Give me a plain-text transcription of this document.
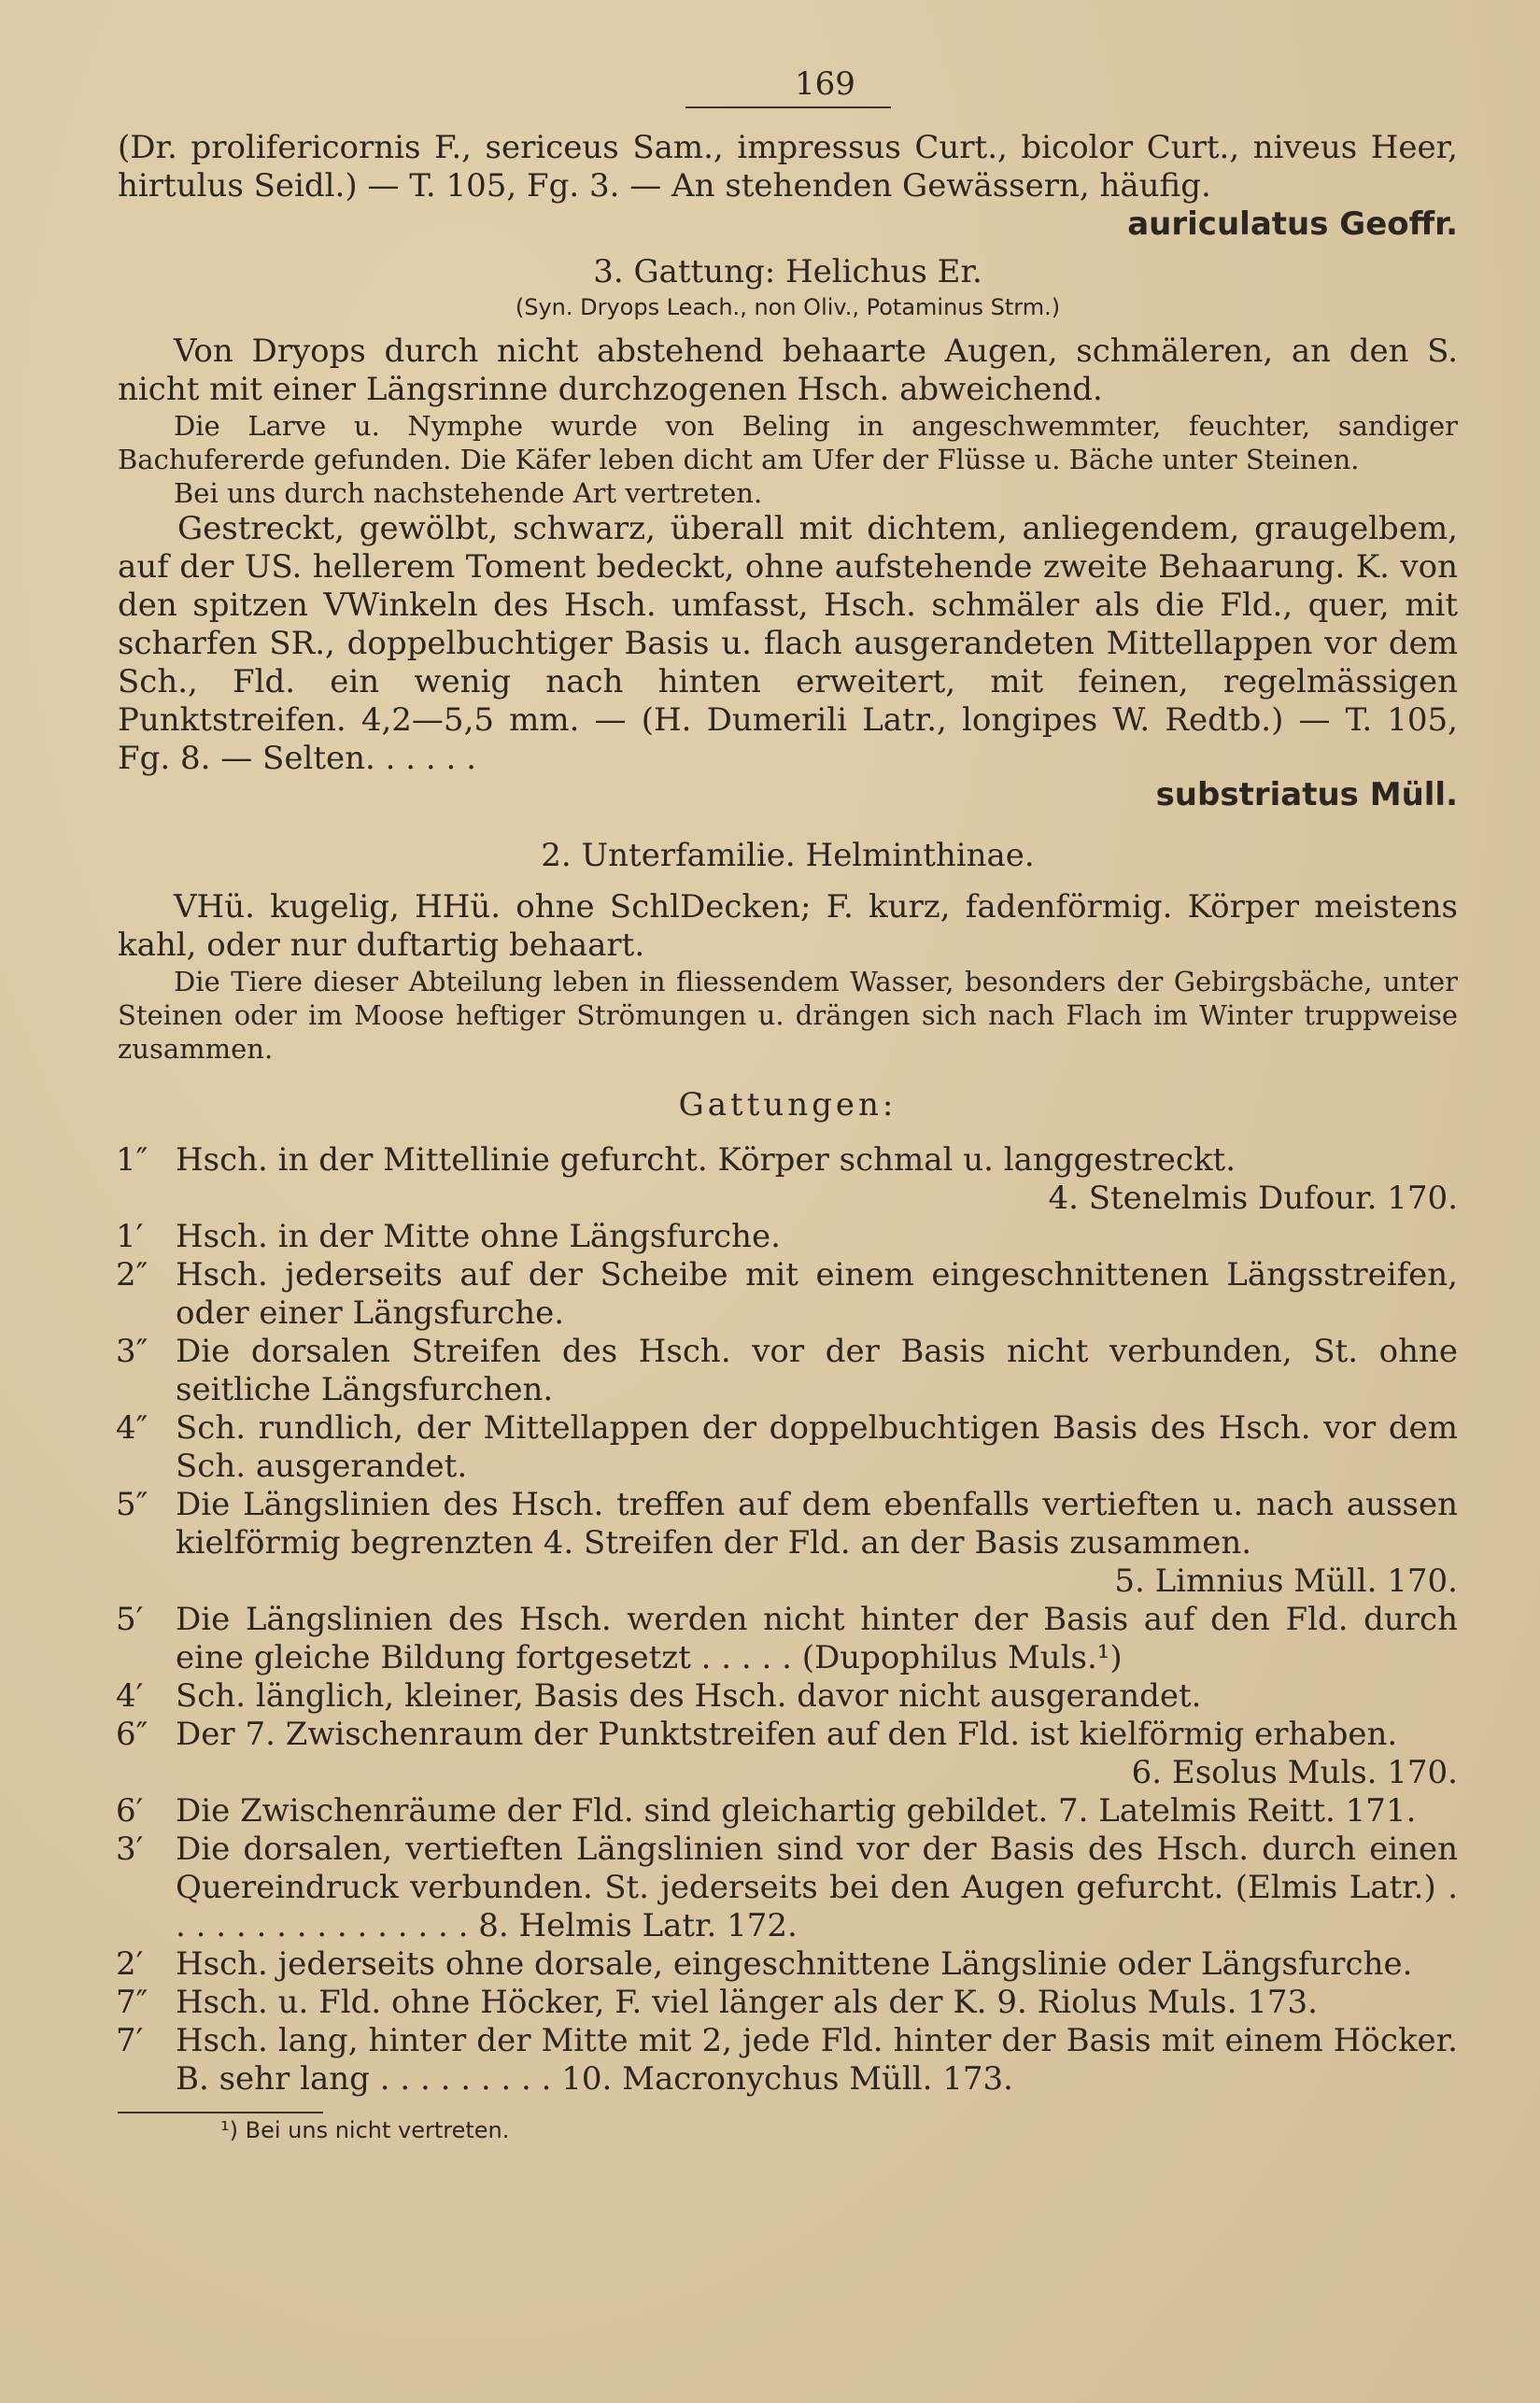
169
(Dr. prolifericornis F., sericeus Sam., impressus Curt., bicolor Curt., niveus Heer, hirtulus Seidl.) — T. 105, Fg. 3. — An stehenden Gewässern, häufig.
auriculatus Geoffr.
3. Gattung: Helichus Er.
(Syn. Dryops Leach., non Oliv., Potaminus Strm.)
Von Dryops durch nicht abstehend behaarte Augen, schmäleren, an den S. nicht mit einer Längsrinne durchzogenen Hsch. abweichend.
Die Larve u. Nymphe wurde von Beling in angeschwemmter, feuchter, sandiger Bachufererde gefunden. Die Käfer leben dicht am Ufer der Flüsse u. Bäche unter Steinen.
Bei uns durch nachstehende Art vertreten.
Gestreckt, gewölbt, schwarz, überall mit dichtem, anliegendem, graugelbem, auf der US. hellerem Toment bedeckt, ohne aufstehende zweite Behaarung. K. von den spitzen VWinkeln des Hsch. umfasst, Hsch. schmäler als die Fld., quer, mit scharfen SR., doppelbuchtiger Basis u. flach ausgerandeten Mittellappen vor dem Sch., Fld. ein wenig nach hinten erweitert, mit feinen, regelmässigen Punktstreifen. 4,2—5,5 mm. — (H. Dumerili Latr., longipes W. Redtb.) — T. 105, Fg. 8. — Selten. . . . . .
substriatus Müll.
2. Unterfamilie. Helminthinae.
VHü. kugelig, HHü. ohne SchlDecken; F. kurz, fadenförmig. Körper meistens kahl, oder nur duftartig behaart.
Die Tiere dieser Abteilung leben in fliessendem Wasser, besonders der Gebirgsbäche, unter Steinen oder im Moose heftiger Strömungen u. drängen sich nach Flach im Winter truppweise zusammen.
Gattungen:
1″ Hsch. in der Mittellinie gefurcht. Körper schmal u. langgestreckt.
4. Stenelmis Dufour. 170.
1′	Hsch. in der Mitte ohne Längsfurche.
2″ Hsch. jederseits auf der Scheibe mit einem eingeschnittenen Längsstreifen, oder einer Längsfurche.
3″ Die dorsalen Streifen des Hsch. vor der Basis nicht verbunden, St. ohne seitliche Längsfurchen.
4″ Sch. rundlich, der Mittellappen der doppelbuchtigen Basis des Hsch. vor dem Sch. ausgerandet.
5″ Die Längslinien des Hsch. treffen auf dem ebenfalls vertieften u. nach aussen kielförmig begrenzten 4. Streifen der Fld. an der Basis zusammen.
5. Limnius Müll. 170.
5′	Die Längslinien des Hsch. werden nicht hinter der Basis auf den Fld. durch eine gleiche Bildung fortgesetzt . . . . . (Dupophilus Muls.¹)
4′	Sch. länglich, kleiner, Basis des Hsch. davor nicht ausgerandet.
6″ Der 7. Zwischenraum der Punktstreifen auf den Fld. ist kielförmig erhaben.
6. Esolus Muls. 170.
6′	Die Zwischenräume der Fld. sind gleichartig gebildet. 7. Latelmis Reitt. 171.
3′	Die dorsalen, vertieften Längslinien sind vor der Basis des Hsch. durch einen Quereindruck verbunden. St. jederseits bei den Augen gefurcht. (Elmis Latr.) . . . . . . . . . . . . . . . . 8. Helmis Latr. 172.
2′	Hsch. jederseits ohne dorsale, eingeschnittene Längslinie oder Längsfurche.
7″ Hsch. u. Fld. ohne Höcker, F. viel länger als der K. 9. Riolus Muls. 173.
7′	Hsch. lang, hinter der Mitte mit 2, jede Fld. hinter der Basis mit einem Höcker. B. sehr lang . . . . . . . . . 10. Macronychus Müll. 173.
¹) Bei uns nicht vertreten.
